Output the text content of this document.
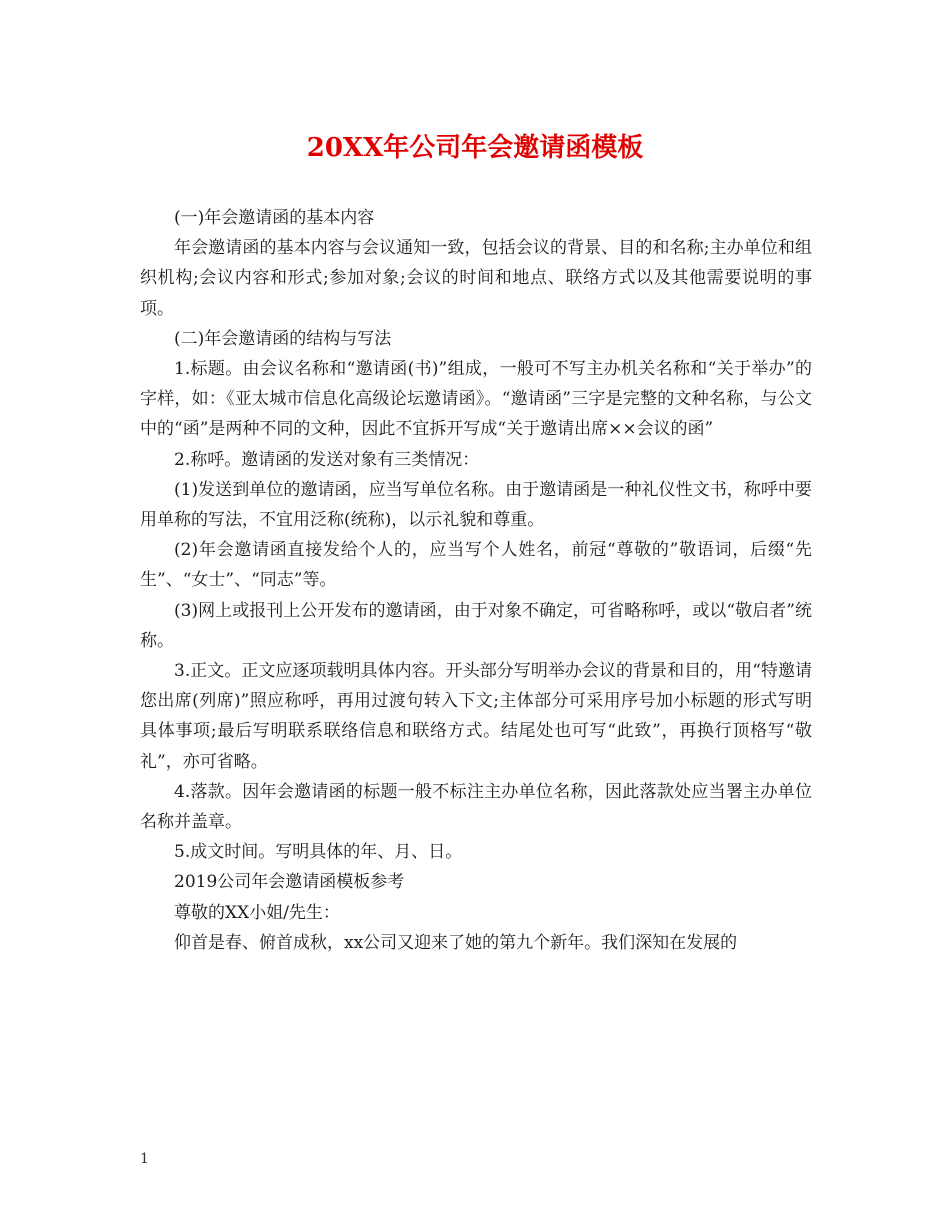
20XX年公司年会邀请函模板

(一)年会邀请函的基本内容

年会邀请函的基本内容与会议通知一致，包括会议的背景、目的和名称;主办单位和组织机构;会议内容和形式;参加对象;会议的时间和地点、联络方式以及其他需要说明的事项。

(二)年会邀请函的结构与写法

1.标题。由会议名称和“邀请函(书)”组成，一般可不写主办机关名称和“关于举办”的字样，如：《亚太城市信息化高级论坛邀请函》。“邀请函”三字是完整的文种名称，与公文中的“函”是两种不同的文种，因此不宜拆开写成“关于邀请出席××会议的函”

2.称呼。邀请函的发送对象有三类情况：

(1)发送到单位的邀请函，应当写单位名称。由于邀请函是一种礼仪性文书，称呼中要用单称的写法，不宜用泛称(统称)，以示礼貌和尊重。

(2)年会邀请函直接发给个人的，应当写个人姓名，前冠“尊敬的”敬语词，后缀“先生”、“女士”、“同志”等。

(3)网上或报刊上公开发布的邀请函，由于对象不确定，可省略称呼，或以“敬启者”统称。

3.正文。正文应逐项载明具体内容。开头部分写明举办会议的背景和目的，用“特邀请您出席(列席)”照应称呼，再用过渡句转入下文;主体部分可采用序号加小标题的形式写明具体事项;最后写明联系联络信息和联络方式。结尾处也可写“此致”，再换行顶格写“敬礼”，亦可省略。

4.落款。因年会邀请函的标题一般不标注主办单位名称，因此落款处应当署主办单位名称并盖章。

5.成文时间。写明具体的年、月、日。

2019公司年会邀请函模板参考

尊敬的XX小姐/先生：

仰首是春、俯首成秋，xx公司又迎来了她的第九个新年。我们深知在发展的

1
